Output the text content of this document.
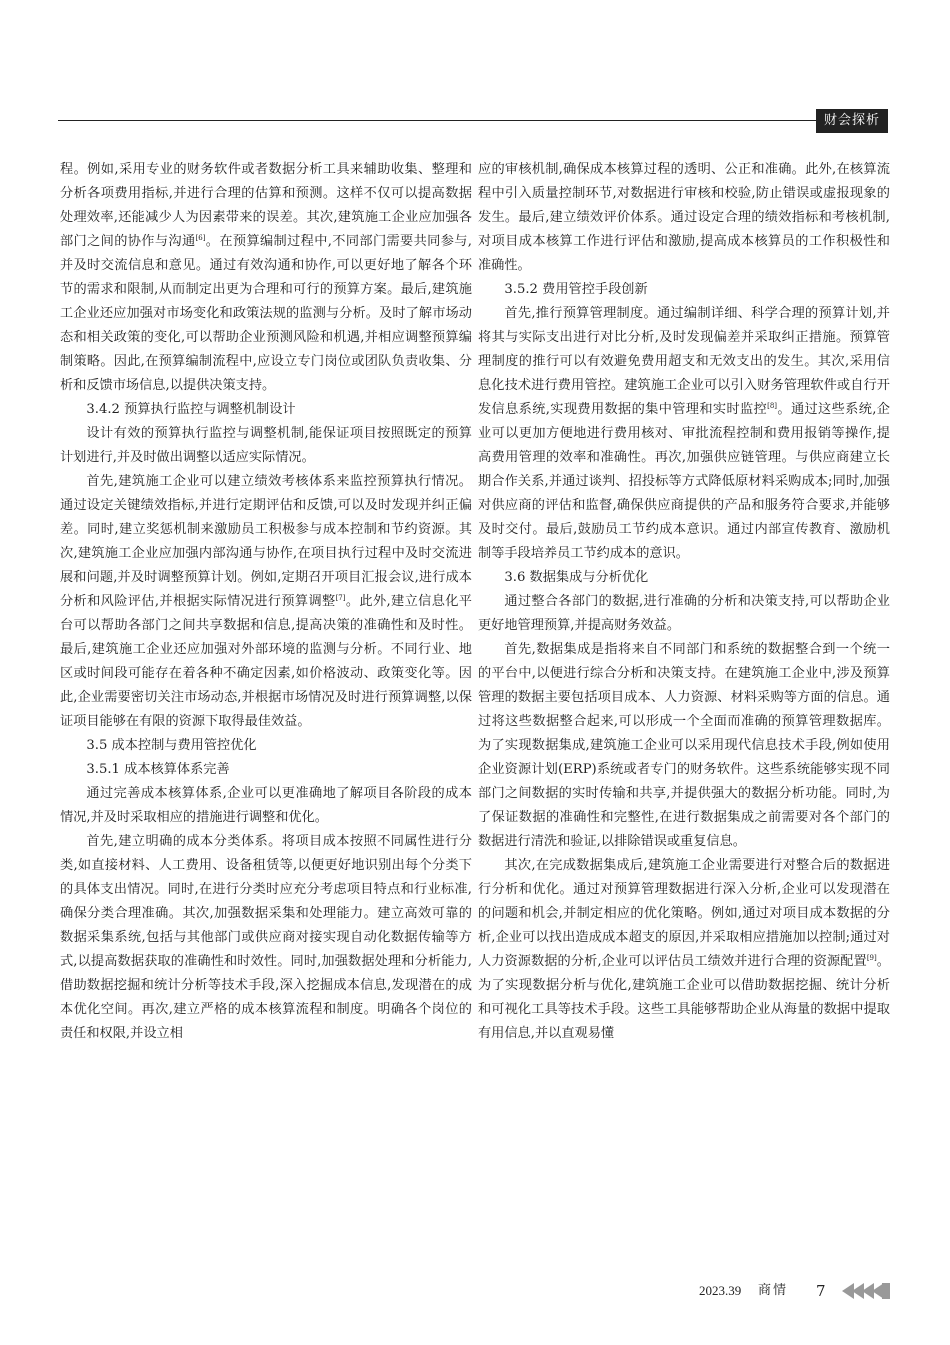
财会探析

程。例如,采用专业的财务软件或者数据分析工具来辅助收集、整理和分析各项费用指标,并进行合理的估算和预测。这样不仅可以提高数据处理效率,还能减少人为因素带来的误差。其次,建筑施工企业应加强各部门之间的协作与沟通[6]。在预算编制过程中,不同部门需要共同参与,并及时交流信息和意见。通过有效沟通和协作,可以更好地了解各个环节的需求和限制,从而制定出更为合理和可行的预算方案。最后,建筑施工企业还应加强对市场变化和政策法规的监测与分析。及时了解市场动态和相关政策的变化,可以帮助企业预测风险和机遇,并相应调整预算编制策略。因此,在预算编制流程中,应设立专门岗位或团队负责收集、分析和反馈市场信息,以提供决策支持。

3.4.2 预算执行监控与调整机制设计

设计有效的预算执行监控与调整机制,能保证项目按照既定的预算计划进行,并及时做出调整以适应实际情况。

首先,建筑施工企业可以建立绩效考核体系来监控预算执行情况。通过设定关键绩效指标,并进行定期评估和反馈,可以及时发现并纠正偏差。同时,建立奖惩机制来激励员工积极参与成本控制和节约资源。其次,建筑施工企业应加强内部沟通与协作,在项目执行过程中及时交流进展和问题,并及时调整预算计划。例如,定期召开项目汇报会议,进行成本分析和风险评估,并根据实际情况进行预算调整[7]。此外,建立信息化平台可以帮助各部门之间共享数据和信息,提高决策的准确性和及时性。最后,建筑施工企业还应加强对外部环境的监测与分析。不同行业、地区或时间段可能存在着各种不确定因素,如价格波动、政策变化等。因此,企业需要密切关注市场动态,并根据市场情况及时进行预算调整,以保证项目能够在有限的资源下取得最佳效益。

3.5 成本控制与费用管控优化

3.5.1 成本核算体系完善

通过完善成本核算体系,企业可以更准确地了解项目各阶段的成本情况,并及时采取相应的措施进行调整和优化。

首先,建立明确的成本分类体系。将项目成本按照不同属性进行分类,如直接材料、人工费用、设备租赁等,以便更好地识别出每个分类下的具体支出情况。同时,在进行分类时应充分考虑项目特点和行业标准,确保分类合理准确。其次,加强数据采集和处理能力。建立高效可靠的数据采集系统,包括与其他部门或供应商对接实现自动化数据传输等方式,以提高数据获取的准确性和时效性。同时,加强数据处理和分析能力,借助数据挖掘和统计分析等技术手段,深入挖掘成本信息,发现潜在的成本优化空间。再次,建立严格的成本核算流程和制度。明确各个岗位的责任和权限,并设立相

应的审核机制,确保成本核算过程的透明、公正和准确。此外,在核算流程中引入质量控制环节,对数据进行审核和校验,防止错误或虚报现象的发生。最后,建立绩效评价体系。通过设定合理的绩效指标和考核机制,对项目成本核算工作进行评估和激励,提高成本核算员的工作积极性和准确性。

3.5.2 费用管控手段创新

首先,推行预算管理制度。通过编制详细、科学合理的预算计划,并将其与实际支出进行对比分析,及时发现偏差并采取纠正措施。预算管理制度的推行可以有效避免费用超支和无效支出的发生。其次,采用信息化技术进行费用管控。建筑施工企业可以引入财务管理软件或自行开发信息系统,实现费用数据的集中管理和实时监控[8]。通过这些系统,企业可以更加方便地进行费用核对、审批流程控制和费用报销等操作,提高费用管理的效率和准确性。再次,加强供应链管理。与供应商建立长期合作关系,并通过谈判、招投标等方式降低原材料采购成本;同时,加强对供应商的评估和监督,确保供应商提供的产品和服务符合要求,并能够及时交付。最后,鼓励员工节约成本意识。通过内部宣传教育、激励机制等手段培养员工节约成本的意识。

3.6 数据集成与分析优化

通过整合各部门的数据,进行准确的分析和决策支持,可以帮助企业更好地管理预算,并提高财务效益。

首先,数据集成是指将来自不同部门和系统的数据整合到一个统一的平台中,以便进行综合分析和决策支持。在建筑施工企业中,涉及预算管理的数据主要包括项目成本、人力资源、材料采购等方面的信息。通过将这些数据整合起来,可以形成一个全面而准确的预算管理数据库。为了实现数据集成,建筑施工企业可以采用现代信息技术手段,例如使用企业资源计划(ERP)系统或者专门的财务软件。这些系统能够实现不同部门之间数据的实时传输和共享,并提供强大的数据分析功能。同时,为了保证数据的准确性和完整性,在进行数据集成之前需要对各个部门的数据进行清洗和验证,以排除错误或重复信息。

其次,在完成数据集成后,建筑施工企业需要进行对整合后的数据进行分析和优化。通过对预算管理数据进行深入分析,企业可以发现潜在的问题和机会,并制定相应的优化策略。例如,通过对项目成本数据的分析,企业可以找出造成成本超支的原因,并采取相应措施加以控制;通过对人力资源数据的分析,企业可以评估员工绩效并进行合理的资源配置[9]。为了实现数据分析与优化,建筑施工企业可以借助数据挖掘、统计分析和可视化工具等技术手段。这些工具能够帮助企业从海量的数据中提取有用信息,并以直观易懂

2023.39 商情 7
